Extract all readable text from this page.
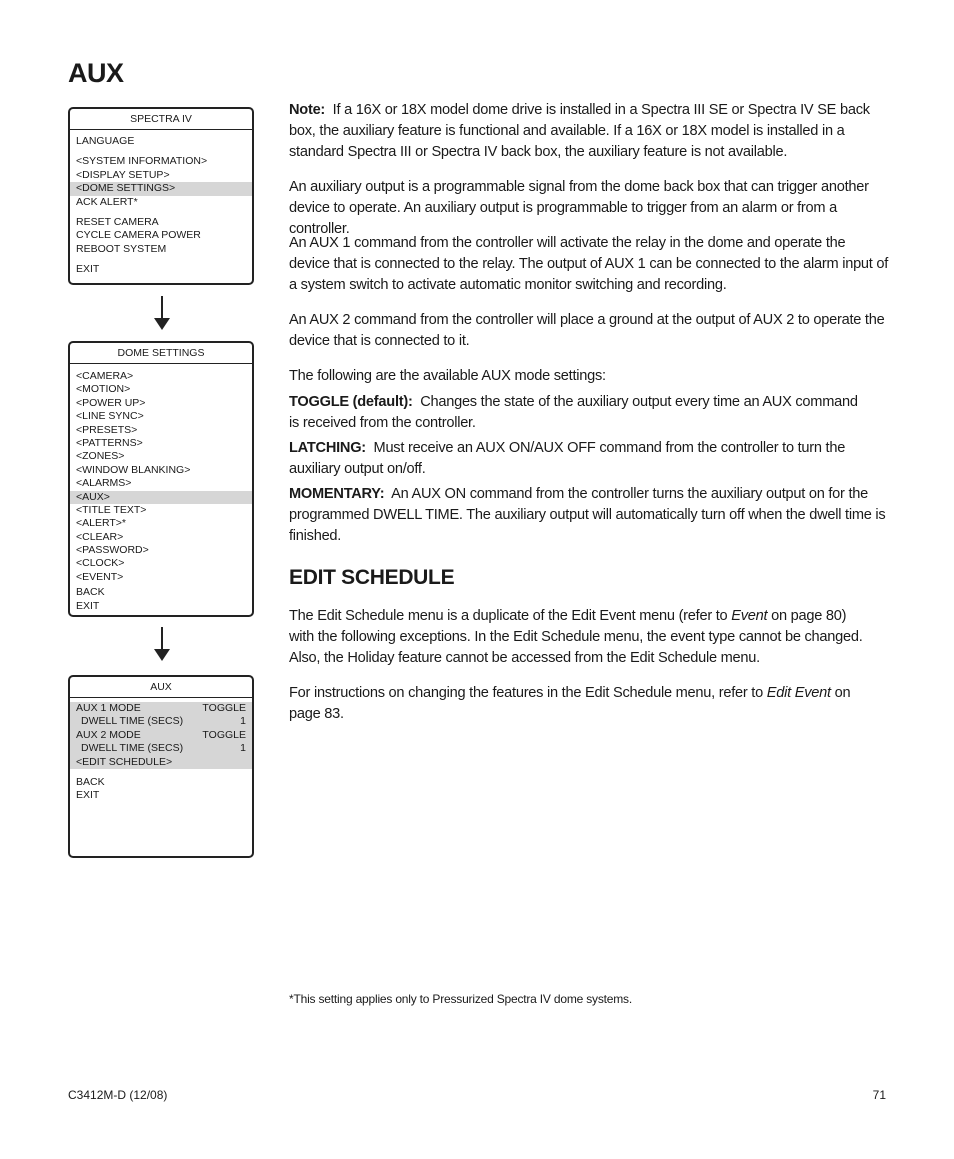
AUX
SPECTRA IV
LANGUAGE
<SYSTEM INFORMATION>
<DISPLAY SETUP>
<DOME SETTINGS>
ACK ALERT*
RESET CAMERA
CYCLE CAMERA POWER
REBOOT SYSTEM
EXIT
DOME SETTINGS
<CAMERA>
<MOTION>
<POWER UP>
<LINE SYNC>
<PRESETS>
<PATTERNS>
<ZONES>
<WINDOW BLANKING>
<ALARMS>
<AUX>
<TITLE TEXT>
<ALERT>*
<CLEAR>
<PASSWORD>
<CLOCK>
<EVENT>
BACK
EXIT
AUX
AUX 1 MODE	TOGGLE
DWELL TIME (SECS)	1
AUX 2 MODE	TOGGLE
DWELL TIME (SECS)	1
<EDIT SCHEDULE>
BACK
EXIT

Note: If a 16X or 18X model dome drive is installed in a Spectra III SE or Spectra IV SE back box, the auxiliary feature is functional and available. If a 16X or 18X model is installed in a standard Spectra III or Spectra IV back box, the auxiliary feature is not available.

An auxiliary output is a programmable signal from the dome back box that can trigger another device to operate. An auxiliary output is programmable to trigger from an alarm or from a controller.

An AUX 1 command from the controller will activate the relay in the dome and operate the device that is connected to the relay. The output of AUX 1 can be connected to the alarm input of a system switch to activate automatic monitor switching and recording.

An AUX 2 command from the controller will place a ground at the output of AUX 2 to operate the device that is connected to it.

The following are the available AUX mode settings:

TOGGLE (default): Changes the state of the auxiliary output every time an AUX command is received from the controller.

LATCHING: Must receive an AUX ON/AUX OFF command from the controller to turn the auxiliary output on/off.

MOMENTARY: An AUX ON command from the controller turns the auxiliary output on for the programmed DWELL TIME. The auxiliary output will automatically turn off when the dwell time is finished.

EDIT SCHEDULE

The Edit Schedule menu is a duplicate of the Edit Event menu (refer to Event on page 80) with the following exceptions. In the Edit Schedule menu, the event type cannot be changed. Also, the Holiday feature cannot be accessed from the Edit Schedule menu.

For instructions on changing the features in the Edit Schedule menu, refer to Edit Event on page 83.

*This setting applies only to Pressurized Spectra IV dome systems.
C3412M-D (12/08)	71
